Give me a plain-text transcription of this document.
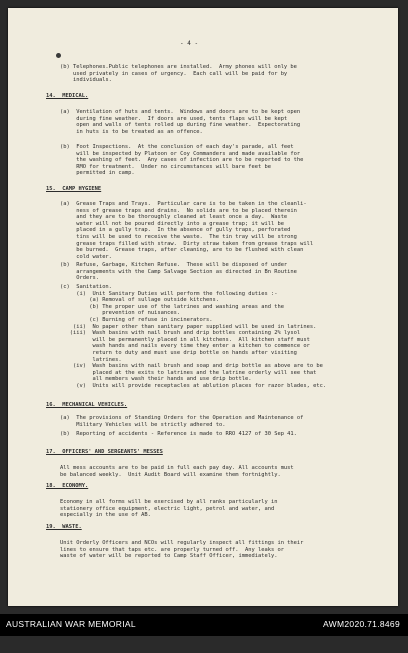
- 4 -
(b) Telephones.Public telephones are installed.  Army phones will only be
used privately in cases of urgency.  Each call will be paid for by
individuals.
14.  MEDICAL.
(a)  Ventilation of huts and tents.  Windows and doors are to be kept open
during fine weather.  If doors are used, tents flaps will be kept
open and walls of tents rolled up during fine weather.  Expectorating
in huts is to be treated as an offence.
(b)  Foot Inspections.  At the conclusion of each day's parade, all feet
will be inspected by Platoon or Coy Commanders and made available for
the washing of feet.  Any cases of infection are to be reported to the
RMO for treatment.  Under no circumstances will bare feet be
permitted in camp.
15.  CAMP HYGIENE
(a)  Grease Traps and Trays.  Particular care is to be taken in the cleanli-
ness of grease traps and drains.  No solids are to be placed therein
and they are to be thoroughly cleaned at least once a day.  Waste
water will not be poured directly into a grease trap; it will be
placed in a gully trap.  In the absence of gully traps, perforated
tins will be used to receive the waste.  The tin tray will be strong
grease traps filled with straw.  Dirty straw taken from grease traps will
be burned.  Grease traps, after cleaning, are to be flushed with clean
cold water.
(b)  Refuse, Garbage, Kitchen Refuse.  These will be disposed of under
arrangements with the Camp Salvage Section as directed in Bn Routine
Orders.
(c)  Sanitation.
(i)  Unit Sanitary Duties will perform the following duties :-
(a) Removal of sullage outside kitchens.
(b) The proper use of the latrines and washing areas and the
prevention of nuisances.
(c) Burning of refuse in incinerators.
(ii)  No paper other than sanitary paper supplied will be used in latrines.
(iii)  Wash basins with nail brush and drip bottles containing 2% lysol
will be permanently placed in all kitchens.  All kitchen staff must
wash hands and nails every time they enter a kitchen to commence or
return to duty and must use drip bottle on hands after visiting
latrines.
(iv)  Wash basins with nail brush and soap and drip bottle as above are to be
placed at the exits to latrines and the latrine orderly will see that
all members wash their hands and use drip bottle.
(v)  Units will provide receptacles at ablution places for razor blades, etc.
16.  MECHANICAL VEHICLES.
(a)  The provisions of Standing Orders for the Operation and Maintenance of
Military Vehicles will be strictly adhered to.
(b)  Reporting of accidents - Reference is made to RRO 4127 of 30 Sep 41.
17.  OFFICERS' AND SERGEANTS' MESSES
All mess accounts are to be paid in full each pay day. All accounts must
be balanced weekly.  Unit Audit Board will examine them fortnightly.
18.  ECONOMY.
Economy in all forms will be exercised by all ranks particularly in
stationery office equipment, electric light, petrol and water, and
especially in the use of AB.
19.  WASTE.
Unit Orderly Officers and NCOs will regularly inspect all fittings in their
lines to ensure that taps etc. are properly turned off.  Any leaks or
waste of water will be reported to Camp Staff Officer, immediately.
AUSTRALIAN WAR MEMORIAL	AWM2020.71.8469
